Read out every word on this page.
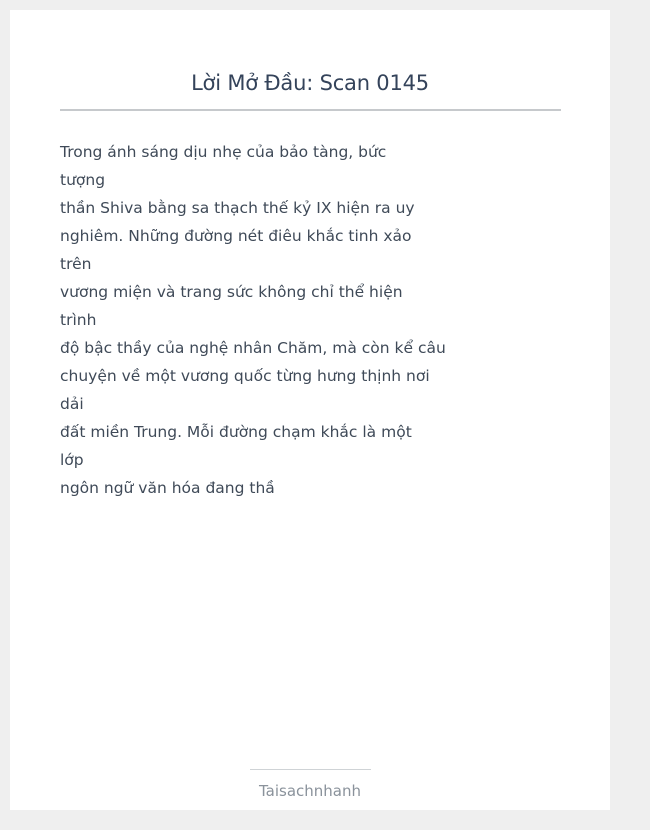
Lời Mở Đầu: Scan 0145
Trong ánh sáng dịu nhẹ của bảo tàng, bức
tượng
thần Shiva bằng sa thạch thế kỷ IX hiện ra uy
nghiêm. Những đường nét điêu khắc tinh xảo
trên
vương miện và trang sức không chỉ thể hiện
trình
độ bậc thầy của nghệ nhân Chăm, mà còn kể câu
chuyện về một vương quốc từng hưng thịnh nơi
dải
đất miền Trung. Mỗi đường chạm khắc là một
lớp
ngôn ngữ văn hóa đang thầ
Taisachnhanh
